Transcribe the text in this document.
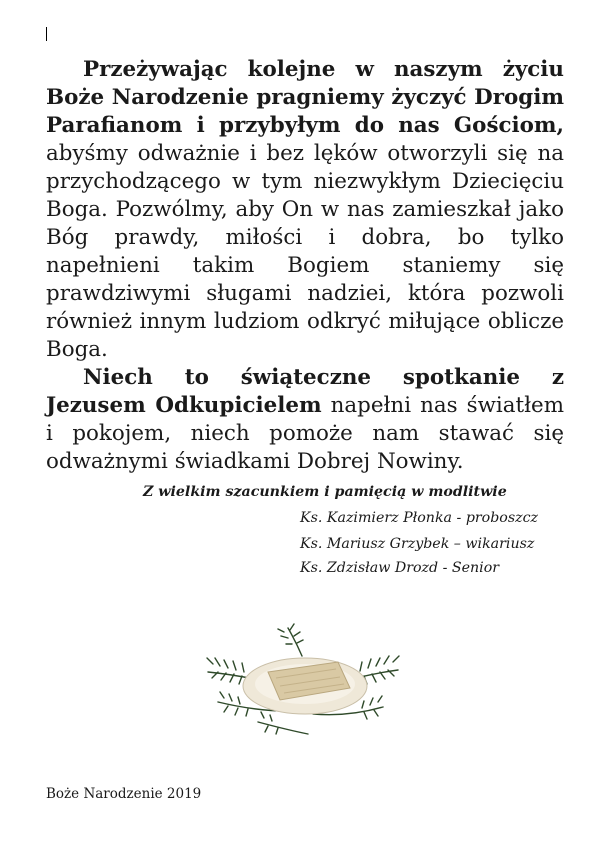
Przeżywając kolejne w naszym życiu Boże Narodzenie pragniemy życzyć Drogim Parafianom i przybyłym do nas Gościom, abyśmy odważnie i bez lęków otworzyli się na przychodzącego w tym niezwykłym Dziecięciu Boga. Pozwólmy, aby On w nas zamieszkał jako Bóg prawdy, miłości i dobra, bo tylko napełnieni takim Bogiem staniemy się prawdziwymi sługami nadziei, która pozwoli również innym ludziom odkryć miłujące oblicze Boga.

Niech to świąteczne spotkanie z Jezusem Odkupicielem napełni nas światłem i pokojem, niech pomoże nam stawać się odważnymi świadkami Dobrej Nowiny.

Z wielkim szacunkiem i pamięcią w modlitwie
Ks. Kazimierz Płonka - proboszcz
Ks. Mariusz Grzybek – wikariusz
Ks. Zdzisław Drozd - Senior
Boże Narodzenie 2019
